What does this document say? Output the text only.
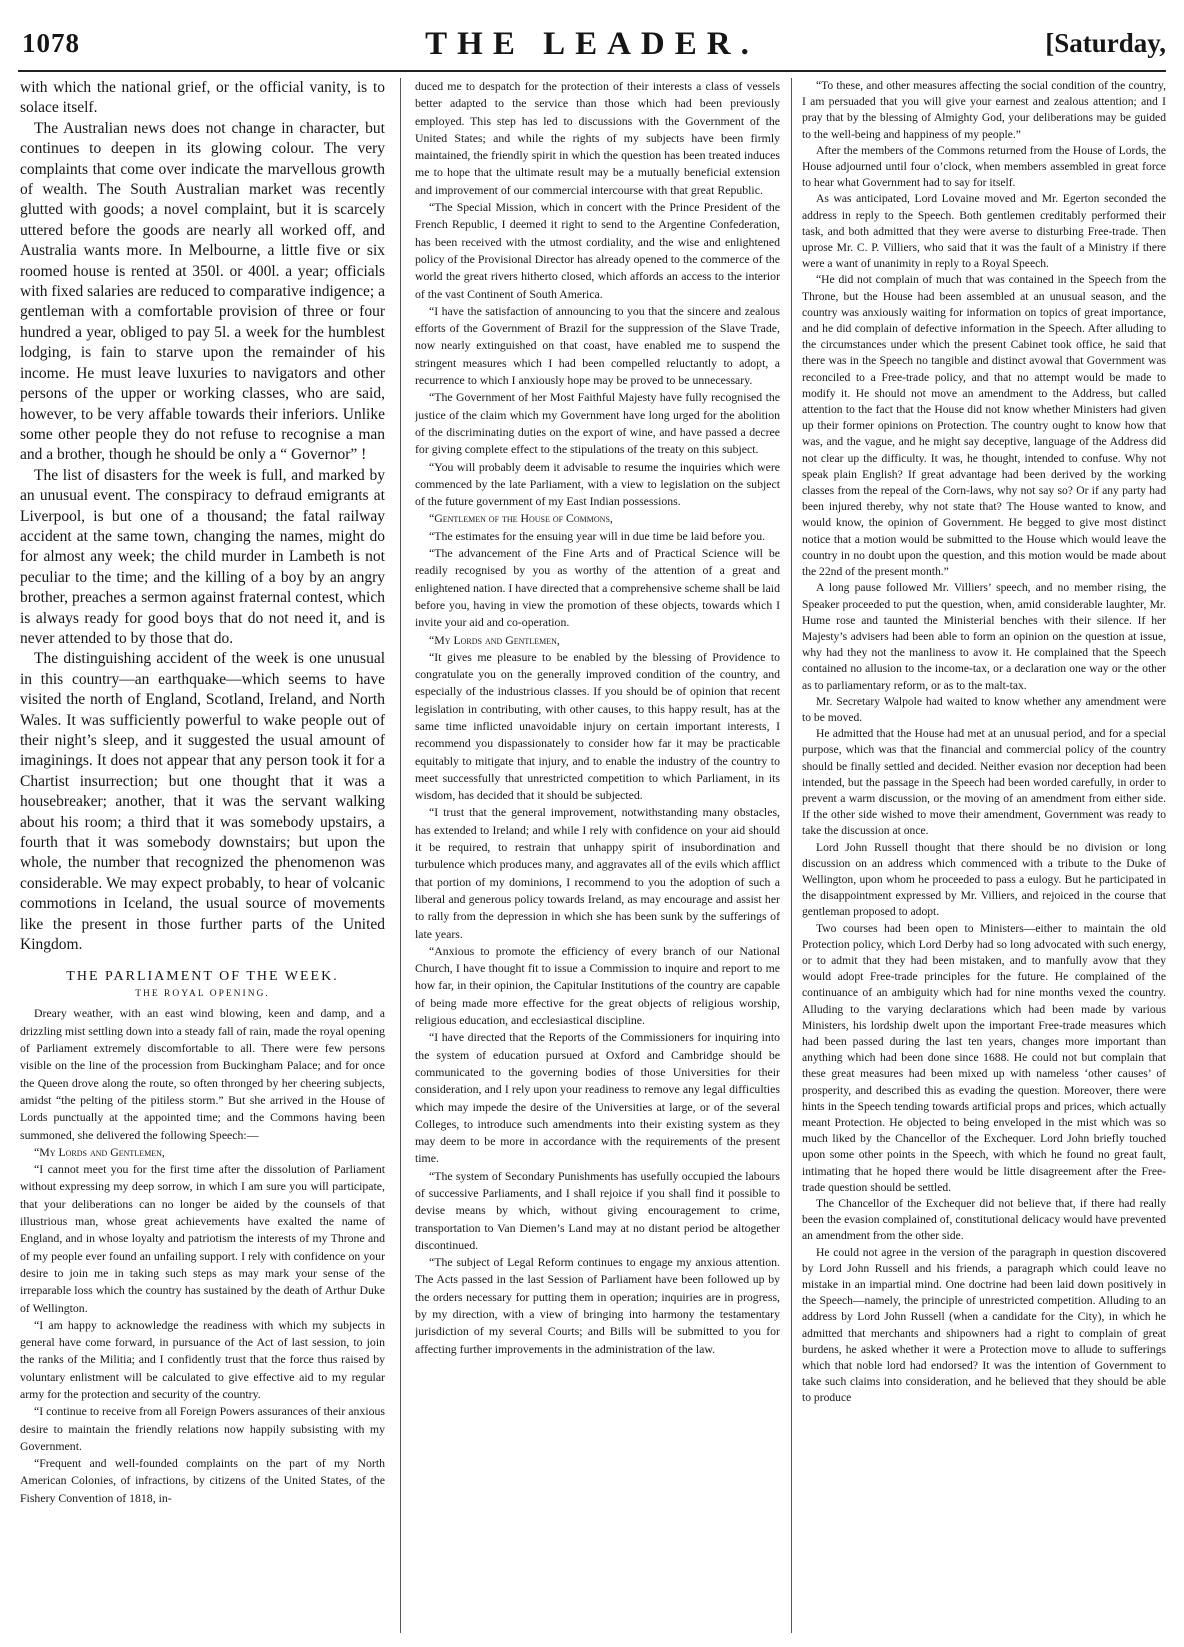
1078	THE LEADER.	[Saturday,

with which the national grief, or the official vanity, is to solace itself.

The Australian news does not change in character, but continues to deepen in its glowing colour. The very complaints that come over indicate the marvellous growth of wealth. The South Australian market was recently glutted with goods; a novel complaint, but it is scarcely uttered before the goods are nearly all worked off, and Australia wants more. In Melbourne, a little five or six roomed house is rented at 350l. or 400l. a year; officials with fixed salaries are reduced to comparative indigence; a gentleman with a comfortable provision of three or four hundred a year, obliged to pay 5l. a week for the humblest lodging, is fain to starve upon the remainder of his income. He must leave luxuries to navigators and other persons of the upper or working classes, who are said, however, to be very affable towards their inferiors. Unlike some other people they do not refuse to recognise a man and a brother, though he should be only a “ Governor” !

The list of disasters for the week is full, and marked by an unusual event. The conspiracy to defraud emigrants at Liverpool, is but one of a thousand; the fatal railway accident at the same town, changing the names, might do for almost any week; the child murder in Lambeth is not peculiar to the time; and the killing of a boy by an angry brother, preaches a sermon against fraternal contest, which is always ready for good boys that do not need it, and is never attended to by those that do.

The distinguishing accident of the week is one unusual in this country—an earthquake—which seems to have visited the north of England, Scotland, Ireland, and North Wales. It was sufficiently powerful to wake people out of their night’s sleep, and it suggested the usual amount of imaginings. It does not appear that any person took it for a Chartist insurrection; but one thought that it was a housebreaker; another, that it was the servant walking about his room; a third that it was somebody upstairs, a fourth that it was somebody downstairs; but upon the whole, the number that recognized the phenomenon was considerable. We may expect probably, to hear of volcanic commotions in Iceland, the usual source of movements like the present in those further parts of the United Kingdom.

THE PARLIAMENT OF THE WEEK.
THE ROYAL OPENING.

Dreary weather, with an east wind blowing, keen and damp, and a drizzling mist settling down into a steady fall of rain, made the royal opening of Parliament extremely discomfortable to all. There were few persons visible on the line of the procession from Buckingham Palace; and for once the Queen drove along the route, so often thronged by her cheering subjects, amidst “the pelting of the pitiless storm.” But she arrived in the House of Lords punctually at the appointed time; and the Commons having been summoned, she delivered the following Speech:—

“My Lords and Gentlemen,

“I cannot meet you for the first time after the dissolution of Parliament without expressing my deep sorrow, in which I am sure you will participate, that your deliberations can no longer be aided by the counsels of that illustrious man, whose great achievements have exalted the name of England, and in whose loyalty and patriotism the interests of my Throne and of my people ever found an unfailing support. I rely with confidence on your desire to join me in taking such steps as may mark your sense of the irreparable loss which the country has sustained by the death of Arthur Duke of Wellington.

“I am happy to acknowledge the readiness with which my subjects in general have come forward, in pursuance of the Act of last session, to join the ranks of the Militia; and I confidently trust that the force thus raised by voluntary enlistment will be calculated to give effective aid to my regular army for the protection and security of the country.

“I continue to receive from all Foreign Powers assurances of their anxious desire to maintain the friendly relations now happily subsisting with my Government.

“Frequent and well-founded complaints on the part of my North American Colonies, of infractions, by citizens of the United States, of the Fishery Convention of 1818, in-

duced me to despatch for the protection of their interests a class of vessels better adapted to the service than those which had been previously employed. This step has led to discussions with the Government of the United States; and while the rights of my subjects have been firmly maintained, the friendly spirit in which the question has been treated induces me to hope that the ultimate result may be a mutually beneficial extension and improvement of our commercial intercourse with that great Republic.

“The Special Mission, which in concert with the Prince President of the French Republic, I deemed it right to send to the Argentine Confederation, has been received with the utmost cordiality, and the wise and enlightened policy of the Provisional Director has already opened to the commerce of the world the great rivers hitherto closed, which affords an access to the interior of the vast Continent of South America.

“I have the satisfaction of announcing to you that the sincere and zealous efforts of the Government of Brazil for the suppression of the Slave Trade, now nearly extinguished on that coast, have enabled me to suspend the stringent measures which I had been compelled reluctantly to adopt, a recurrence to which I anxiously hope may be proved to be unnecessary.

“The Government of her Most Faithful Majesty have fully recognised the justice of the claim which my Government have long urged for the abolition of the discriminating duties on the export of wine, and have passed a decree for giving complete effect to the stipulations of the treaty on this subject.

“You will probably deem it advisable to resume the inquiries which were commenced by the late Parliament, with a view to legislation on the subject of the future government of my East Indian possessions.

“Gentlemen of the House of Commons,

“The estimates for the ensuing year will in due time be laid before you.

“The advancement of the Fine Arts and of Practical Science will be readily recognised by you as worthy of the attention of a great and enlightened nation. I have directed that a comprehensive scheme shall be laid before you, having in view the promotion of these objects, towards which I invite your aid and co-operation.

“My Lords and Gentlemen,

“It gives me pleasure to be enabled by the blessing of Providence to congratulate you on the generally improved condition of the country, and especially of the industrious classes. If you should be of opinion that recent legislation in contributing, with other causes, to this happy result, has at the same time inflicted unavoidable injury on certain important interests, I recommend you dispassionately to consider how far it may be practicable equitably to mitigate that injury, and to enable the industry of the country to meet successfully that unrestricted competition to which Parliament, in its wisdom, has decided that it should be subjected.

“I trust that the general improvement, notwithstanding many obstacles, has extended to Ireland; and while I rely with confidence on your aid should it be required, to restrain that unhappy spirit of insubordination and turbulence which produces many, and aggravates all of the evils which afflict that portion of my dominions, I recommend to you the adoption of such a liberal and generous policy towards Ireland, as may encourage and assist her to rally from the depression in which she has been sunk by the sufferings of late years.

“Anxious to promote the efficiency of every branch of our National Church, I have thought fit to issue a Commission to inquire and report to me how far, in their opinion, the Capitular Institutions of the country are capable of being made more effective for the great objects of religious worship, religious education, and ecclesiastical discipline.

“I have directed that the Reports of the Commissioners for inquiring into the system of education pursued at Oxford and Cambridge should be communicated to the governing bodies of those Universities for their consideration, and I rely upon your readiness to remove any legal difficulties which may impede the desire of the Universities at large, or of the several Colleges, to introduce such amendments into their existing system as they may deem to be more in accordance with the requirements of the present time.

“The system of Secondary Punishments has usefully occupied the labours of successive Parliaments, and I shall rejoice if you shall find it possible to devise means by which, without giving encouragement to crime, transportation to Van Diemen’s Land may at no distant period be altogether discontinued.

“The subject of Legal Reform continues to engage my anxious attention. The Acts passed in the last Session of Parliament have been followed up by the orders necessary for putting them in operation; inquiries are in progress, by my direction, with a view of bringing into harmony the testamentary jurisdiction of my several Courts; and Bills will be submitted to you for affecting further improvements in the administration of the law.

“To these, and other measures affecting the social condition of the country, I am persuaded that you will give your earnest and zealous attention; and I pray that by the blessing of Almighty God, your deliberations may be guided to the well-being and happiness of my people.”

After the members of the Commons returned from the House of Lords, the House adjourned until four o’clock, when members assembled in great force to hear what Government had to say for itself.

As was anticipated, Lord Lovaine moved and Mr. Egerton seconded the address in reply to the Speech. Both gentlemen creditably performed their task, and both admitted that they were averse to disturbing Free-trade. Then uprose Mr. C. P. Villiers, who said that it was the fault of a Ministry if there were a want of unanimity in reply to a Royal Speech.

“He did not complain of much that was contained in the Speech from the Throne, but the House had been assembled at an unusual season, and the country was anxiously waiting for information on topics of great importance, and he did complain of defective information in the Speech. After alluding to the circumstances under which the present Cabinet took office, he said that there was in the Speech no tangible and distinct avowal that Government was reconciled to a Free-trade policy, and that no attempt would be made to modify it. He should not move an amendment to the Address, but called attention to the fact that the House did not know whether Ministers had given up their former opinions on Protection. The country ought to know how that was, and the vague, and he might say deceptive, language of the Address did not clear up the difficulty. It was, he thought, intended to confuse. Why not speak plain English? If great advantage had been derived by the working classes from the repeal of the Corn-laws, why not say so? Or if any party had been injured thereby, why not state that? The House wanted to know, and would know, the opinion of Government. He begged to give most distinct notice that a motion would be submitted to the House which would leave the country in no doubt upon the question, and this motion would be made about the 22nd of the present month.”

A long pause followed Mr. Villiers’ speech, and no member rising, the Speaker proceeded to put the question, when, amid considerable laughter, Mr. Hume rose and taunted the Ministerial benches with their silence. If her Majesty’s advisers had been able to form an opinion on the question at issue, why had they not the manliness to avow it. He complained that the Speech contained no allusion to the income-tax, or a declaration one way or the other as to parliamentary reform, or as to the malt-tax.

Mr. Secretary Walpole had waited to know whether any amendment were to be moved.

He admitted that the House had met at an unusual period, and for a special purpose, which was that the financial and commercial policy of the country should be finally settled and decided. Neither evasion nor deception had been intended, but the passage in the Speech had been worded carefully, in order to prevent a warm discussion, or the moving of an amendment from either side. If the other side wished to move their amendment, Government was ready to take the discussion at once.

Lord John Russell thought that there should be no division or long discussion on an address which commenced with a tribute to the Duke of Wellington, upon whom he proceeded to pass a eulogy. But he participated in the disappointment expressed by Mr. Villiers, and rejoiced in the course that gentleman proposed to adopt.

Two courses had been open to Ministers—either to maintain the old Protection policy, which Lord Derby had so long advocated with such energy, or to admit that they had been mistaken, and to manfully avow that they would adopt Free-trade principles for the future. He complained of the continuance of an ambiguity which had for nine months vexed the country. Alluding to the varying declarations which had been made by various Ministers, his lordship dwelt upon the important Free-trade measures which had been passed during the last ten years, changes more important than anything which had been done since 1688. He could not but complain that these great measures had been mixed up with nameless ‘other causes’ of prosperity, and described this as evading the question. Moreover, there were hints in the Speech tending towards artificial props and prices, which actually meant Protection. He objected to being enveloped in the mist which was so much liked by the Chancellor of the Exchequer. Lord John briefly touched upon some other points in the Speech, with which he found no great fault, intimating that he hoped there would be little disagreement after the Free-trade question should be settled.

The Chancellor of the Exchequer did not believe that, if there had really been the evasion complained of, constitutional delicacy would have prevented an amendment from the other side.

He could not agree in the version of the paragraph in question discovered by Lord John Russell and his friends, a paragraph which could leave no mistake in an impartial mind. One doctrine had been laid down positively in the Speech—namely, the principle of unrestricted competition. Alluding to an address by Lord John Russell (when a candidate for the City), in which he admitted that merchants and shipowners had a right to complain of great burdens, he asked whether it were a Protection move to allude to sufferings which that noble lord had endorsed? It was the intention of Government to take such claims into consideration, and he believed that they should be able to produce
